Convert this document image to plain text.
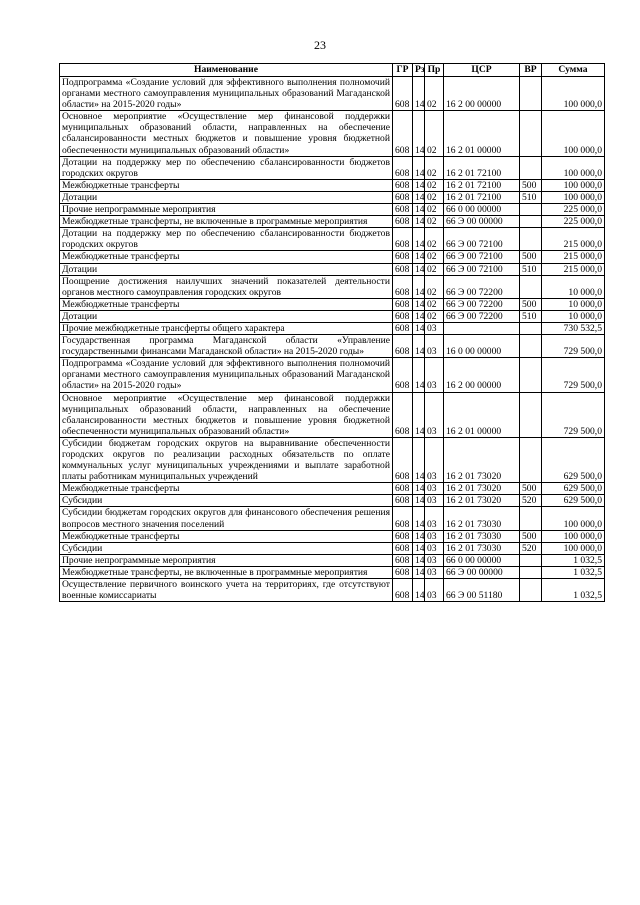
23
Наименование	ГР	Рз	Пр	ЦСР	ВР	Сумма
Подпрограмма «Создание условий для эффективного выполнения полномочий органами местного самоуправления муниципальных образований Магаданской области» на 2015-2020 годы»	608	14	02	16 2 00 00000		100 000,0
Основное мероприятие «Осуществление мер финансовой поддержки муниципальных образований области, направленных на обеспечение сбалансированности местных бюджетов и повышение уровня бюджетной обеспеченности муниципальных образований области»	608	14	02	16 2 01 00000		100 000,0
Дотации на поддержку мер по обеспечению сбалансированности бюджетов городских округов	608	14	02	16 2 01 72100		100 000,0
Межбюджетные трансферты	608	14	02	16 2 01 72100	500	100 000,0
Дотации	608	14	02	16 2 01 72100	510	100 000,0
Прочие непрограммные мероприятия	608	14	02	66 0 00 00000		225 000,0
Межбюджетные трансферты, не включенные в программные мероприятия	608	14	02	66 Э 00 00000		225 000,0
Дотации на поддержку мер по обеспечению сбалансированности бюджетов городских округов	608	14	02	66 Э 00 72100		215 000,0
Межбюджетные трансферты	608	14	02	66 Э 00 72100	500	215 000,0
Дотации	608	14	02	66 Э 00 72100	510	215 000,0
Поощрение достижения наилучших значений показателей деятельности органов местного самоуправления городских округов	608	14	02	66 Э 00 72200		10 000,0
Межбюджетные трансферты	608	14	02	66 Э 00 72200	500	10 000,0
Дотации	608	14	02	66 Э 00 72200	510	10 000,0
Прочие межбюджетные трансферты общего характера	608	14	03			730 532,5
Государственная программа Магаданской области «Управление государственными финансами Магаданской области» на 2015-2020 годы»	608	14	03	16 0 00 00000		729 500,0
Подпрограмма «Создание условий для эффективного выполнения полномочий органами местного самоуправления муниципальных образований Магаданской области» на 2015-2020 годы»	608	14	03	16 2 00 00000		729 500,0
Основное мероприятие «Осуществление мер финансовой поддержки муниципальных образований области, направленных на обеспечение сбалансированности местных бюджетов и повышение уровня бюджетной обеспеченности муниципальных образований области»	608	14	03	16 2 01 00000		729 500,0
Субсидии бюджетам городских округов на выравнивание обеспеченности городских округов по реализации расходных обязательств по оплате коммунальных услуг муниципальных учреждениями и выплате заработной платы работникам муниципальных учреждений	608	14	03	16 2 01 73020		629 500,0
Межбюджетные трансферты	608	14	03	16 2 01 73020	500	629 500,0
Субсидии	608	14	03	16 2 01 73020	520	629 500,0
Субсидии бюджетам городских округов для финансового обеспечения решения вопросов местного значения поселений	608	14	03	16 2 01 73030		100 000,0
Межбюджетные трансферты	608	14	03	16 2 01 73030	500	100 000,0
Субсидии	608	14	03	16 2 01 73030	520	100 000,0
Прочие непрограммные мероприятия	608	14	03	66 0 00 00000		1 032,5
Межбюджетные трансферты, не включенные в программные мероприятия	608	14	03	66 Э 00 00000		1 032,5
Осуществление первичного воинского учета на территориях, где отсутствуют военные комиссариаты	608	14	03	66 Э 00 51180		1 032,5
